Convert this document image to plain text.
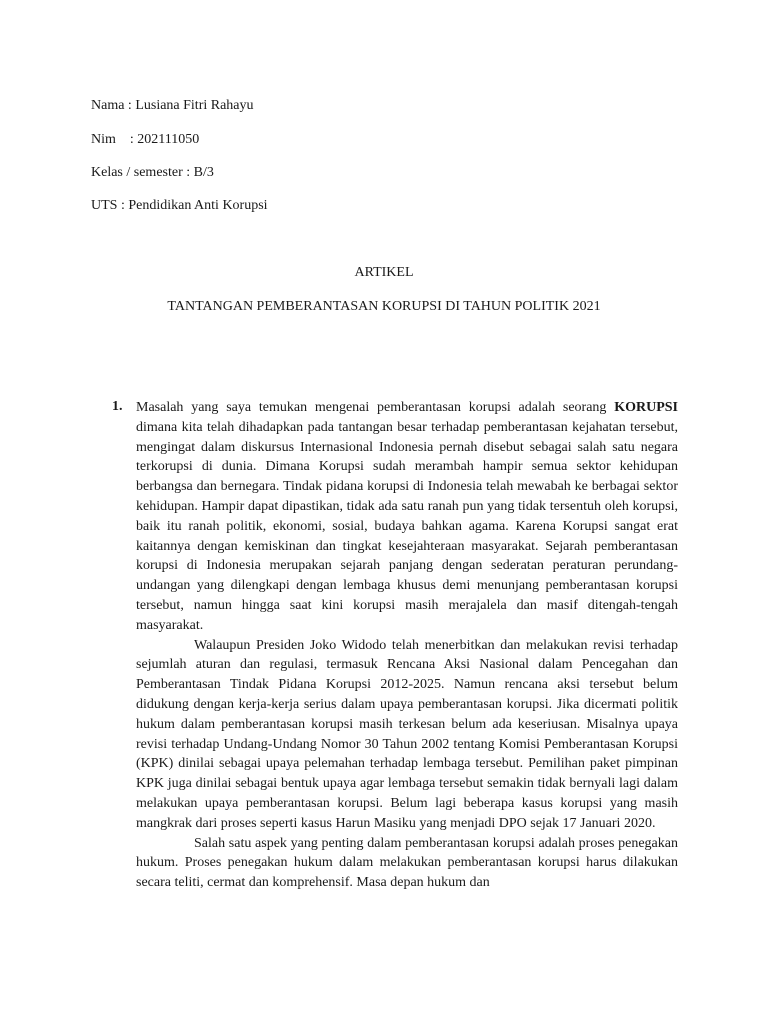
Nama : Lusiana Fitri Rahayu
Nim    : 202111050
Kelas / semester : B/3
UTS : Pendidikan Anti Korupsi
ARTIKEL
TANTANGAN PEMBERANTASAN KORUPSI DI TAHUN POLITIK 2021
1. Masalah yang saya temukan mengenai pemberantasan korupsi adalah seorang KORUPSI dimana kita telah dihadapkan pada tantangan besar terhadap pemberantasan kejahatan tersebut, mengingat dalam diskursus Internasional Indonesia pernah disebut sebagai salah satu negara terkorupsi di dunia. Dimana Korupsi sudah merambah hampir semua sektor kehidupan berbangsa dan bernegara. Tindak pidana korupsi di Indonesia telah mewabah ke berbagai sektor kehidupan. Hampir dapat dipastikan, tidak ada satu ranah pun yang tidak tersentuh oleh korupsi, baik itu ranah politik, ekonomi, sosial, budaya bahkan agama. Karena Korupsi sangat erat kaitannya dengan kemiskinan dan tingkat kesejahteraan masyarakat. Sejarah pemberantasan korupsi di Indonesia merupakan sejarah panjang dengan sederatan peraturan perundang-undangan yang dilengkapi dengan lembaga khusus demi menunjang pemberantasan korupsi tersebut, namun hingga saat kini korupsi masih merajalela dan masif ditengah-tengah masyarakat.

Walaupun Presiden Joko Widodo telah menerbitkan dan melakukan revisi terhadap sejumlah aturan dan regulasi, termasuk Rencana Aksi Nasional dalam Pencegahan dan Pemberantasan Tindak Pidana Korupsi 2012-2025. Namun rencana aksi tersebut belum didukung dengan kerja-kerja serius dalam upaya pemberantasan korupsi. Jika dicermati politik hukum dalam pemberantasan korupsi masih terkesan belum ada keseriusan. Misalnya upaya revisi terhadap Undang-Undang Nomor 30 Tahun 2002 tentang Komisi Pemberantasan Korupsi (KPK) dinilai sebagai upaya pelemahan terhadap lembaga tersebut. Pemilihan paket pimpinan KPK juga dinilai sebagai bentuk upaya agar lembaga tersebut semakin tidak bernyali lagi dalam melakukan upaya pemberantasan korupsi. Belum lagi beberapa kasus korupsi yang masih mangkrak dari proses seperti kasus Harun Masiku yang menjadi DPO sejak 17 Januari 2020.

Salah satu aspek yang penting dalam pemberantasan korupsi adalah proses penegakan hukum. Proses penegakan hukum dalam melakukan pemberantasan korupsi harus dilakukan secara teliti, cermat dan komprehensif. Masa depan hukum dan
